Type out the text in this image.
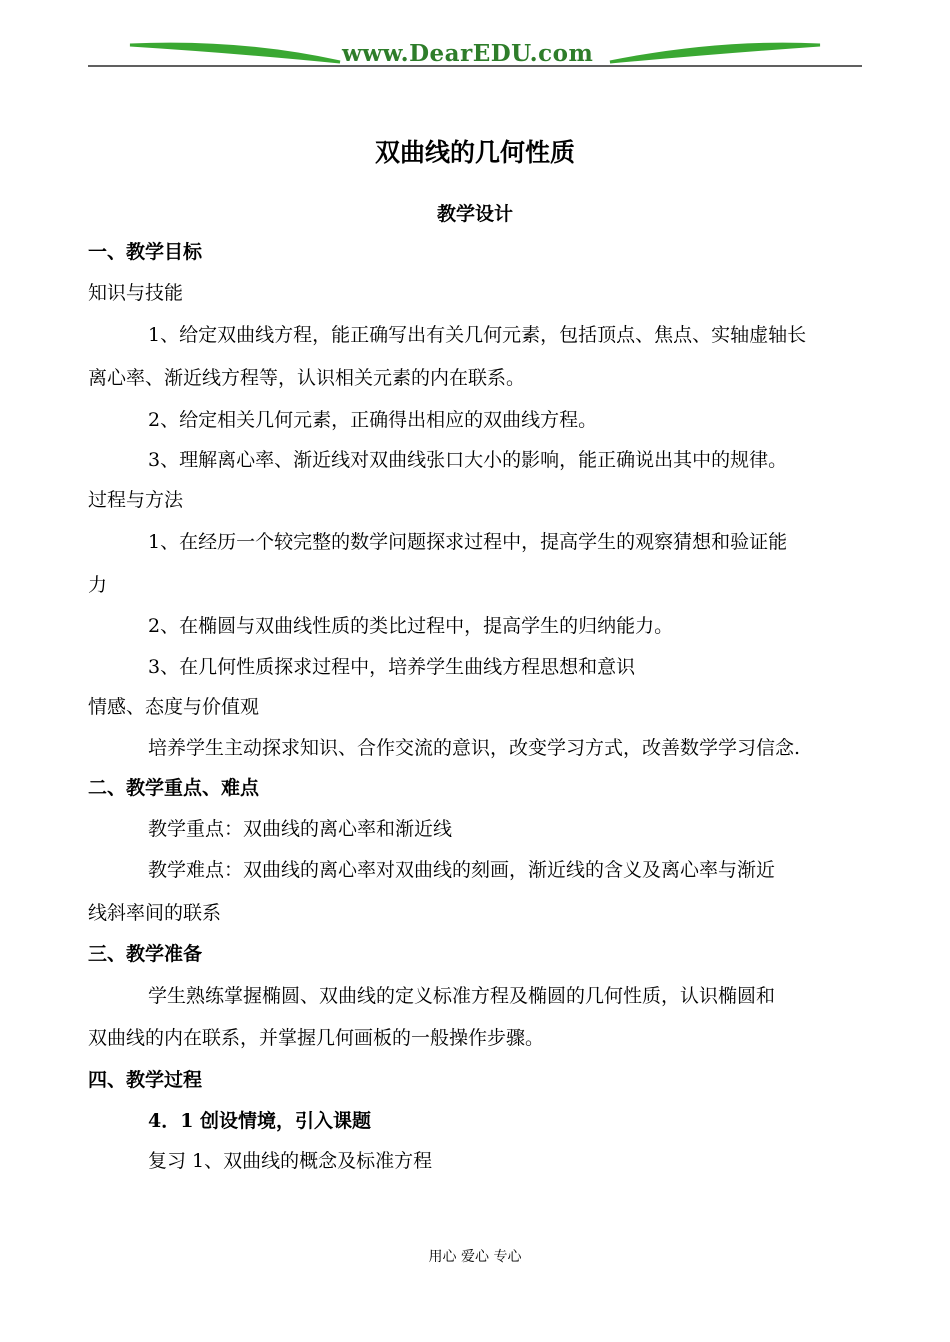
www.DearEDU.com
双曲线的几何性质
教学设计
一、教学目标
知识与技能
1、给定双曲线方程，能正确写出有关几何元素，包括顶点、焦点、实轴虚轴长
离心率、渐近线方程等，认识相关元素的内在联系。
2、给定相关几何元素，正确得出相应的双曲线方程。
3、理解离心率、渐近线对双曲线张口大小的影响，能正确说出其中的规律。
过程与方法
1、在经历一个较完整的数学问题探求过程中，提高学生的观察猜想和验证能
力
2、在椭圆与双曲线性质的类比过程中，提高学生的归纳能力。
3、在几何性质探求过程中，培养学生曲线方程思想和意识
情感、态度与价值观
培养学生主动探求知识、合作交流的意识，改变学习方式，改善数学学习信念.
二、教学重点、难点
教学重点：双曲线的离心率和渐近线
教学难点：双曲线的离心率对双曲线的刻画，渐近线的含义及离心率与渐近
线斜率间的联系
三、教学准备
学生熟练掌握椭圆、双曲线的定义标准方程及椭圆的几何性质，认识椭圆和
双曲线的内在联系，并掌握几何画板的一般操作步骤。
四、教学过程
4．1 创设情境，引入课题
复习 1、双曲线的概念及标准方程
用心 爱心 专心
